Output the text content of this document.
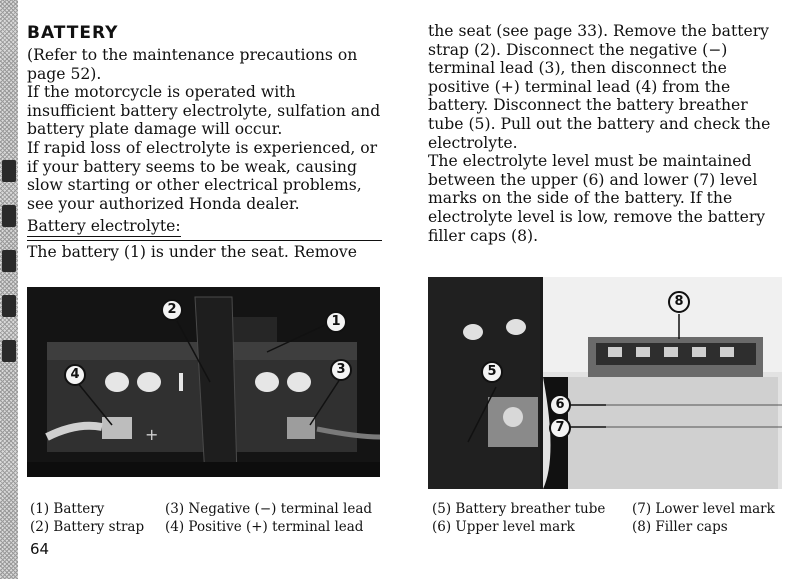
BATTERY

(Refer to the maintenance precautions on page 52).

If the motorcycle is operated with insufficient battery electrolyte, sulfation and battery plate damage will occur.

If rapid loss of electrolyte is experienced, or if your battery seems to be weak, causing slow starting or other electrical problems, see your authorized Honda dealer.

Battery electrolyte:

The battery (1) is under the seat. Remove

the seat (see page 33). Remove the battery strap (2). Disconnect the negative (−) terminal lead (3), then disconnect the positive (+) terminal lead (4) from the battery. Disconnect the battery breather tube (5). Pull out the battery and check the electrolyte.

The electrolyte level must be maintained between the upper (6) and lower (7) level marks on the side of the battery. If the electrolyte level is low, remove the battery filler caps (8).

+
2
1
3
4
8
5
6
7
(1) Battery
(2) Battery strap
(3) Negative (−) terminal lead
(4) Positive (+) terminal lead
(5) Battery breather tube
(6) Upper level mark
(7) Lower level mark
(8) Filler caps
64
